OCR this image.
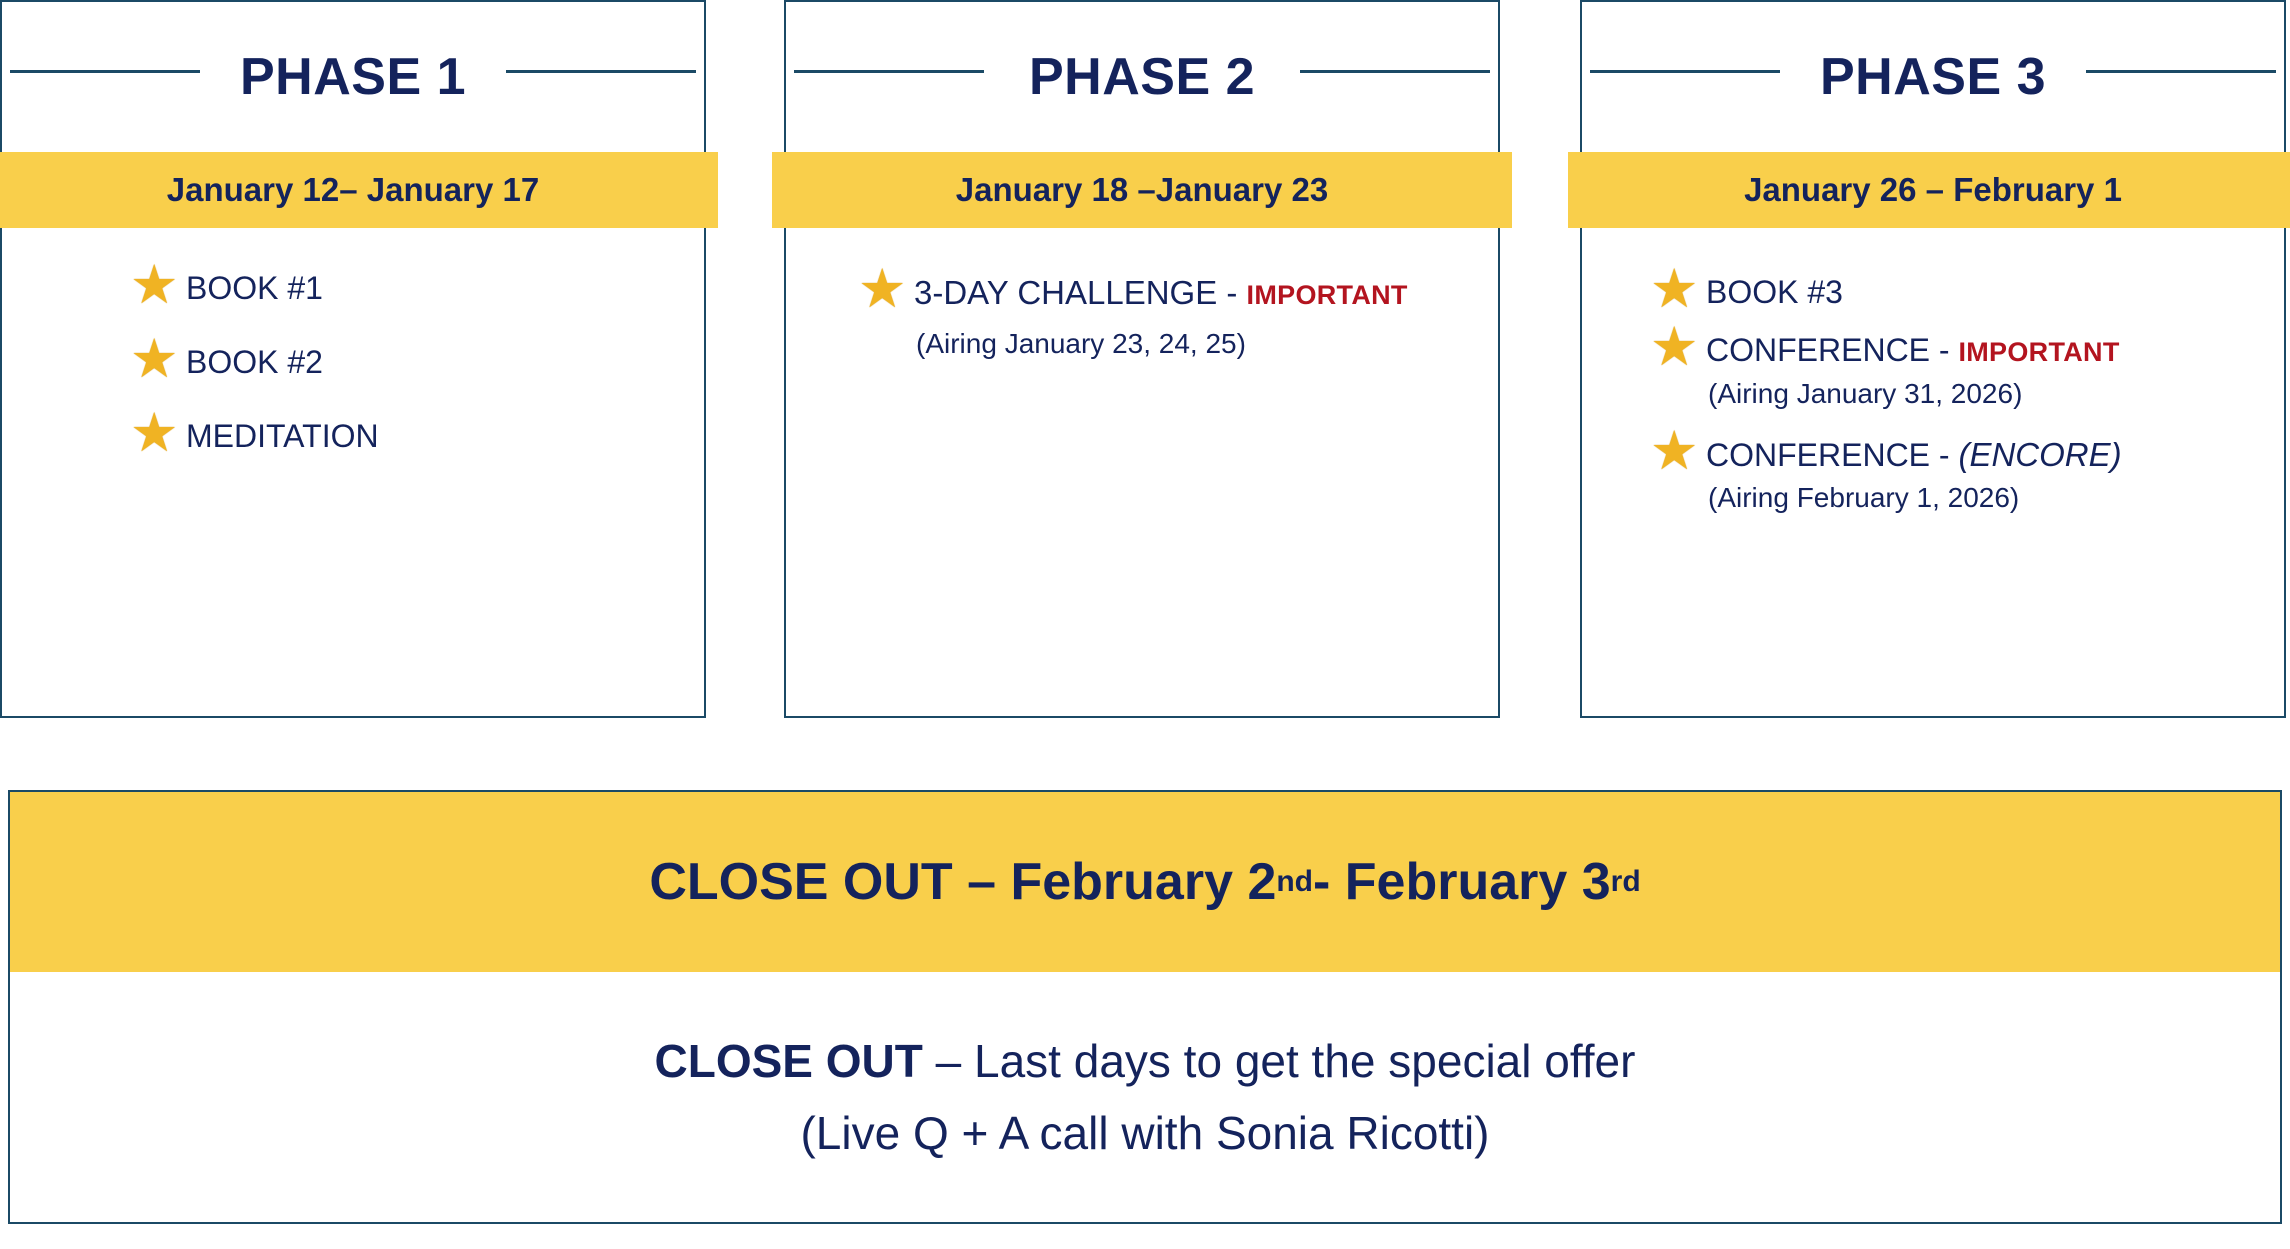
PHASE 1
January 12– January 17
★ BOOK #1
★ BOOK #2
★ MEDITATION
PHASE 2
January 18 –January 23
★ 3-DAY CHALLENGE - IMPORTANT
(Airing January 23, 24, 25)
PHASE 3
January 26 – February 1
★ BOOK #3
★ CONFERENCE - IMPORTANT
(Airing January 31, 2026)
★ CONFERENCE - (ENCORE)
(Airing February 1, 2026)
CLOSE OUT – February 2 nd - February 3 rd
CLOSE OUT – Last days to get the special offer
(Live Q + A call with Sonia Ricotti)
